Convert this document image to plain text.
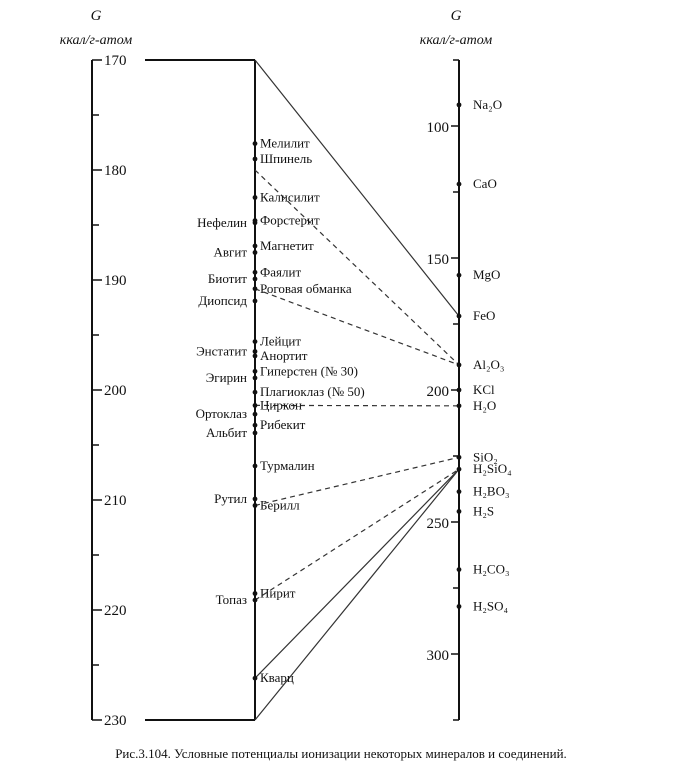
G
ккал/г-атом
G
ккал/г-атом
170
180
190
200
210
220
230
100
150
200
250
300
Мелилит
Шпинель
Калисилит
Форстерит
Магнетит
Фаялит
Роговая обманка
Лейцит
Анортит
Гиперстен (№ 30)
Плагиоклаз (№ 50)
Циркон
Рибекит
Турмалин
Берилл
Пирит
Кварц
Нефелин
Авгит
Биотит
Диопсид
Энстатит
Эгирин
Ортоклаз
Альбит
Рутил
Топаз
Na₂O
CaO
MgO
FeO
Al₂O₃
KCl
H₂O
SiO₂
H₂SiO₄
H₂BO₃
H₂S
H₂CO₃
H₂SO₄
Рис.3.104. Условные потенциалы ионизации некоторых минералов и соединений.
